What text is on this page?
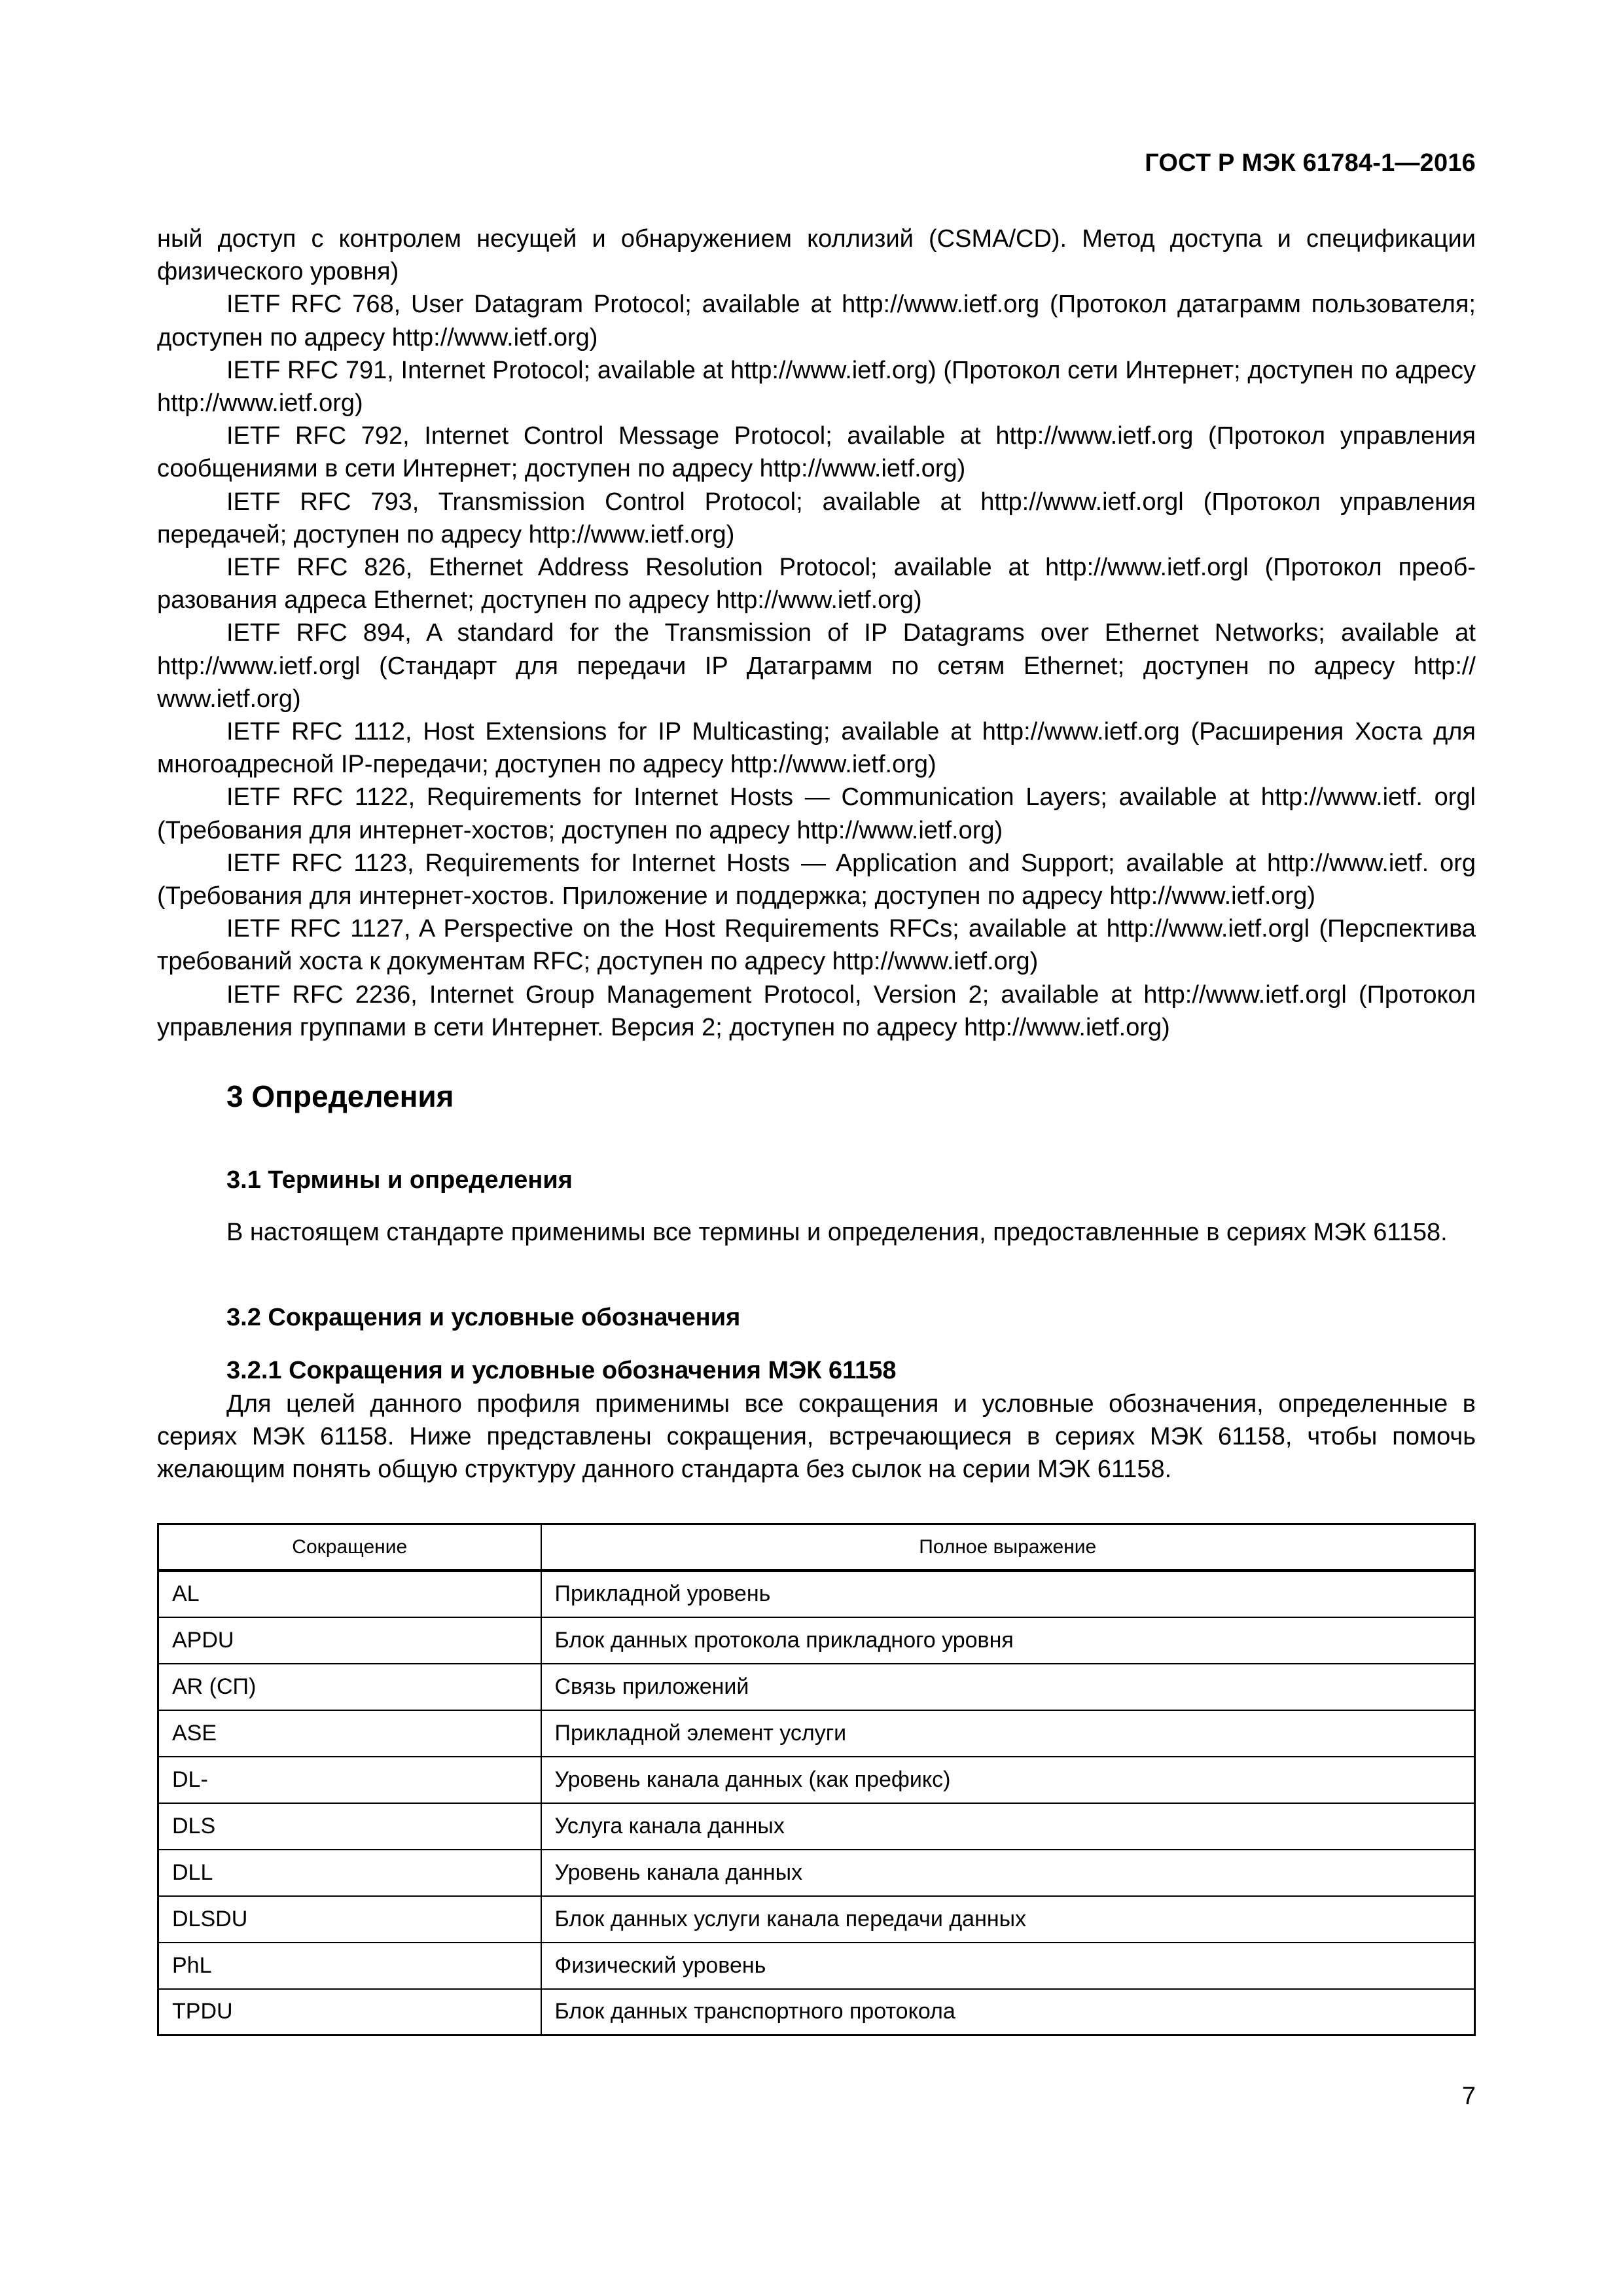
ГОСТ Р МЭК 61784-1—2016

ный доступ с контролем несущей и обнаружением коллизий (CSMA/CD). Метод доступа и спецификации физического уровня)

IETF RFC 768, User Datagram Protocol; available at http://www.ietf.org (Протокол датаграмм пользователя; доступен по адресу http://www.ietf.org)

IETF RFC 791, Internet Protocol; available at http://www.ietf.org) (Протокол сети Интернет; доступен по адресу http://www.ietf.org)

IETF RFC 792, Internet Control Message Protocol; available at http://www.ietf.org (Протокол управления сообщениями в сети Интернет; доступен по адресу http://www.ietf.org)

IETF RFC 793, Transmission Control Protocol; available at http://www.ietf.orgl (Протокол управления передачей; доступен по адресу http://www.ietf.org)

IETF RFC 826, Ethernet Address Resolution Protocol; available at http://www.ietf.orgl (Протокол преобразования адреса Ethernet; доступен по адресу http://www.ietf.org)

IETF RFC 894, A standard for the Transmission of IP Datagrams over Ethernet Networks; available at http://www.ietf.orgl (Стандарт для передачи IP Датаграмм по сетям Ethernet; доступен по адресу http:// www.ietf.org)

IETF RFC 1112, Host Extensions for IP Multicasting; available at http://www.ietf.org (Расширения Хоста для многоадресной IP-передачи; доступен по адресу http://www.ietf.org)

IETF RFC 1122, Requirements for Internet Hosts — Communication Layers; available at http://www.ietf. orgl (Требования для интернет-хостов; доступен по адресу http://www.ietf.org)

IETF RFC 1123, Requirements for Internet Hosts — Application and Support; available at http://www.ietf. org (Требования для интернет-хостов. Приложение и поддержка; доступен по адресу http://www.ietf.org)

IETF RFC 1127, A Perspective on the Host Requirements RFCs; available at http://www.ietf.orgl (Перспектива требований хоста к документам RFC; доступен по адресу http://www.ietf.org)

IETF RFC 2236, Internet Group Management Protocol, Version 2; available at http://www.ietf.orgl (Протокол управления группами в сети Интернет. Версия 2; доступен по адресу http://www.ietf.org)

3 Определения
3.1 Термины и определения

В настоящем стандарте применимы все термины и определения, предоставленные в сериях МЭК 61158.

3.2 Сокращения и условные обозначения
3.2.1 Сокращения и условные обозначения МЭК 61158

Для целей данного профиля применимы все сокращения и условные обозначения, определенные в сериях МЭК 61158. Ниже представлены сокращения, встречающиеся в сериях МЭК 61158, чтобы помочь желающим понять общую структуру данного стандарта без сылок на серии МЭК 61158.

Сокращение	Полное выражение
AL	Прикладной уровень
APDU	Блок данных протокола прикладного уровня
AR (СП)	Связь приложений
ASE	Прикладной элемент услуги
DL-	Уровень канала данных (как префикс)
DLS	Услуга канала данных
DLL	Уровень канала данных
DLSDU	Блок данных услуги канала передачи данных
PhL	Физический уровень
TPDU	Блок данных транспортного протокола
7
